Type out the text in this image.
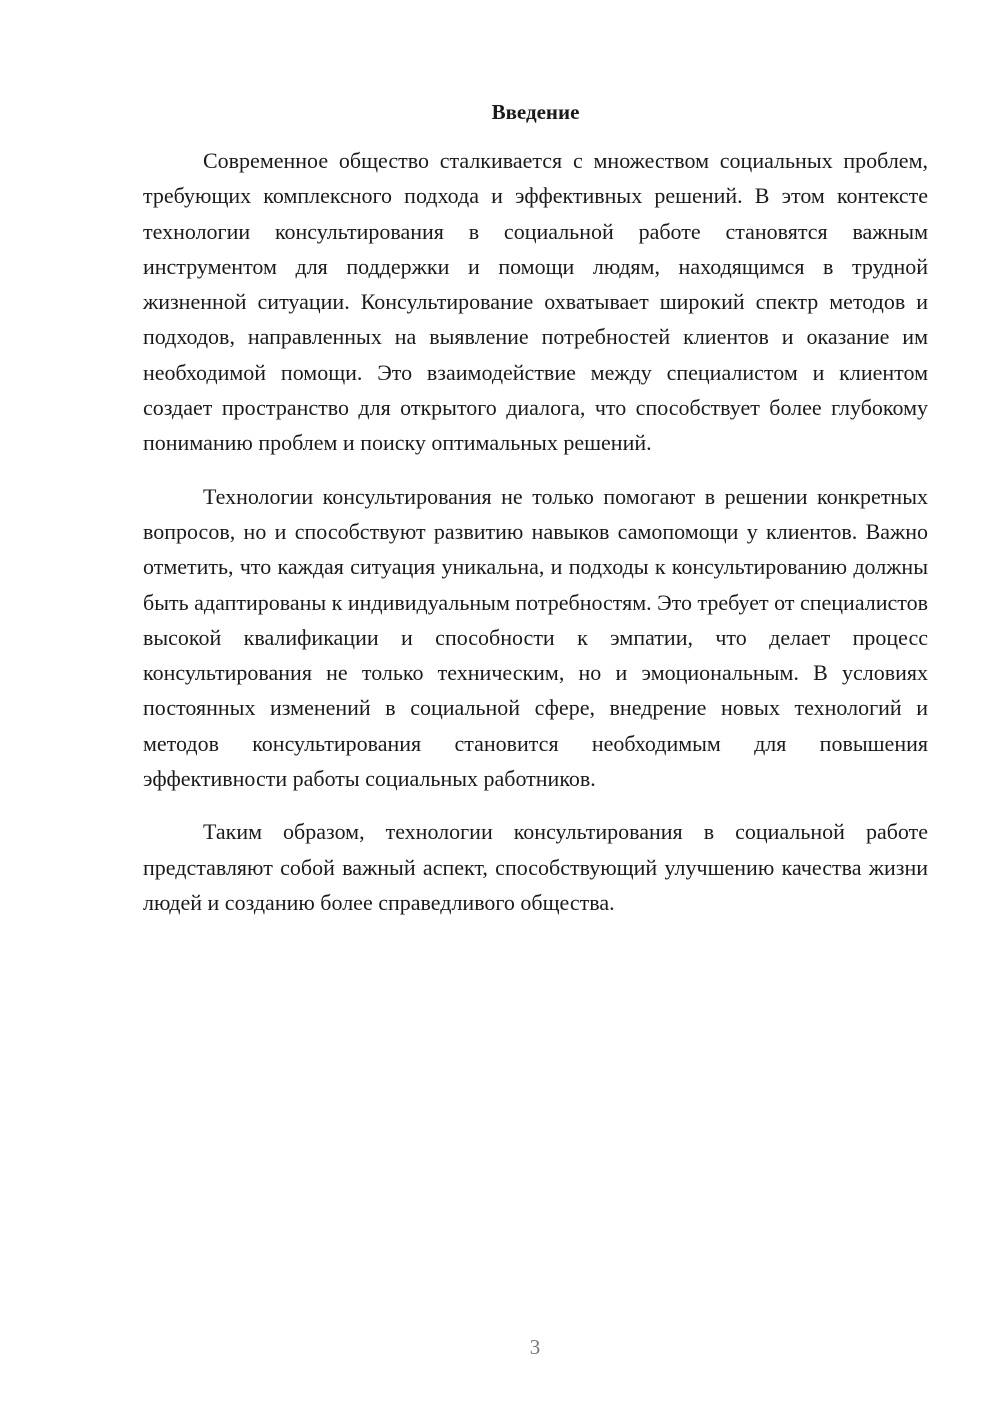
Введение

Современное общество сталкивается с множеством социальных проблем, требующих комплексного подхода и эффективных решений. В этом контексте технологии консультирования в социальной работе становятся важным инструментом для поддержки и помощи людям, находящимся в трудной жизненной ситуации. Консультирование охватывает широкий спектр методов и подходов, направленных на выявление потребностей клиентов и оказание им необходимой помощи. Это взаимодействие между специалистом и клиентом создает пространство для открытого диалога, что способствует более глубокому пониманию проблем и поиску оптимальных решений.

Технологии консультирования не только помогают в решении конкретных вопросов, но и способствуют развитию навыков самопомощи у клиентов. Важно отметить, что каждая ситуация уникальна, и подходы к консультированию должны быть адаптированы к индивидуальным потребностям. Это требует от специалистов высокой квалификации и способности к эмпатии, что делает процесс консультирования не только техническим, но и эмоциональным. В условиях постоянных изменений в социальной сфере, внедрение новых технологий и методов консультирования становится необходимым для повышения эффективности работы социальных работников.

Таким образом, технологии консультирования в социальной работе представляют собой важный аспект, способствующий улучшению качества жизни людей и созданию более справедливого общества.

3
